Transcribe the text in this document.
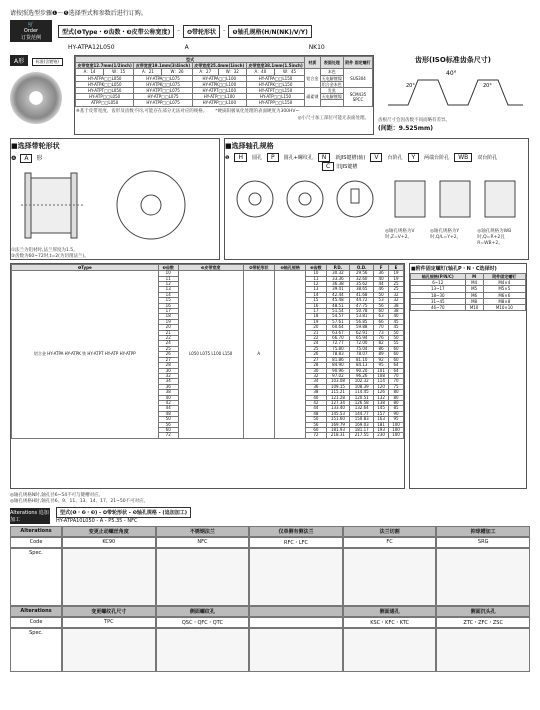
请按照选型步骤❶～❺选择型式和参数后进行订购。
🛒
Order
订货范例
型式(❶Type・❷齿数・❸皮带公称宽度)	–	❹带轮形状	–	❺轴孔规格(H/N(NK)/V/Y)
HY-ATPA12L050	A	NK10
A形	标准(含镀铬)	型式								材质	表面处理	附件 固定螺钉
皮带宽度12.7mm(1/2inch)		皮带宽度19.1mm(3/4inch)		皮带宽度25.4mm(1inch)		皮带宽度38.1mm(1.5inch)				
A：14	W：15	A：21	W：26	A：27	W：32	A：40	W：45	铝合金	本色	SUS304
HY-ATPA□□L050		HY-ATPA□□L075		HY-ATPA□□L100		HY-ATPA□□L150			无电解镀镍	
HY-ATPK□□L050		HY-ATPK□□L075		HY-ATPK□□L100		HY-ATPK□□L150			铝合金本色	
HY-ATPT□□L050		HY-ATPT□□L075		HY-ATPT□□L100		HY-ATPT□□L150		碳素钢	发黑	SCM435
SPCC
HY-ATP□□L050		HY-ATP□□L075		HY-ATP□□L100		HY-ATP□□L150			无电解镀镍	
ATPP□□L050		HY-ATPP□□L075		HY-ATPP□□L100		HY-ATPP□□L150				
※基于皮带宽度、齿形及齿数不同,可能存在部分无法对应的规格。 *硬质阳极氧化处理的表面硬度为300HV~
◎小尺寸加工部位可能无表面处理。
齿形(ISO标准齿条尺寸)
40°
20°	20°
齿根尺寸会因齿数不同而略有差异。
(间距：9.525mm)
■选择带轮形状
❹ A 形
①法兰为铝材时,法兰厚度为1.5。
②齿数为60~72时,t=2(为切削法兰)。
■选择轴孔规格
❺	H	圆孔	P	圆孔+螺纹孔	N	新JIS键槽(轴)	V	台阶孔	Y	两端台阶孔	WB	双台阶孔
C 旧JIS键槽
◎轴孔规格为V时,Z=V+2。
◎轴孔规格为Y时,Q/L=Y+2。
◎轴孔规格为WB时,Q=R+2且R=WB+2。
❶Type	❷齿数	❸皮带宽度	❹带轮形状	❺轴孔规格	❷齿数	P.D.	O.D.	F	E
铝合金 HY-ATPA HY-ATPK 铁 HY-ATPT HY-ATP HY-ATPP	10	L050 L075 L100 L150	A		10	30.32	29.56	36	19
	11				11	33.36	32.60	40	19
	12				12	36.38	35.62	44	25
	13				13	39.41	38.65	46	25
	14				14	42.44	41.68	50	32
	15				15	45.48	44.72	53	32
	16				16	48.51	47.75	56	38
	17				17	51.54	50.78	60	38
	18				18	54.57	53.81	63	40
	19				19	57.61	56.85	66	45
	20				20	60.64	59.88	70	45
	21				21	63.67	62.91	73	50
	22				22	66.70	65.94	76	50
	24				24	72.77	72.00	82	55
	25				25	75.80	75.04	86	60
	26				26	78.83	78.07	89	60
	27				27	81.86	81.10	92	60
	28				28	84.90	84.13	95	64
	30				30	90.96	90.20	101	64
	32				32	97.02	96.26	108	70
	34				34	103.08	102.32	114	70
	36				36	109.15	108.39	120	75
	38				38	115.21	114.45	126	80
	40				40	121.28	120.51	132	80
	42				42	127.34	126.58	138	80
	44				44	133.40	132.64	145	85
	48				48	145.53	144.77	157	90
	50				50	151.60	150.83	163	95
	56				56	169.79	169.03	181	100
	60				60	181.93	181.17	193	100
	72				72	218.31	217.55	230	100
■附件固定螺钉(轴孔P・N・C选择时)
轴孔规格(P/N/C)	M	附件固定螺钉
6~12	M4	M4×4
13~17	M5	M5×5
18~30	M6	M6×6
31~45	M8	M8×8
46~70	M10	M10×10
◎轴孔规格N时,轴孔径6~54不可与键槽对应。
◎轴孔规格H时,轴孔径6、9、11、13、14、17、21~50不可对应。
Alterations 追加加工
型式(❶・❷・❸) - ❹带轮形状 - ❺轴孔规格 - (追加加工)
HY-ATPA10L050 - A - P5.35 - NFC
Alterations	变更止动螺丝角度	不锈钢法兰	仅单侧有侧法兰	法兰切割	抑球槽加工
Code	KC90	NFC	RFC・LFC	FC	SRG
Spec.
Alterations	变更螺纹孔尺寸	侧面螺纹孔	侧面通孔	侧面沉头孔
Code	TPC	QSC・QFC・QTC	KSC・KFC・KTC	ZTC・ZFC・ZSC
Spec.
